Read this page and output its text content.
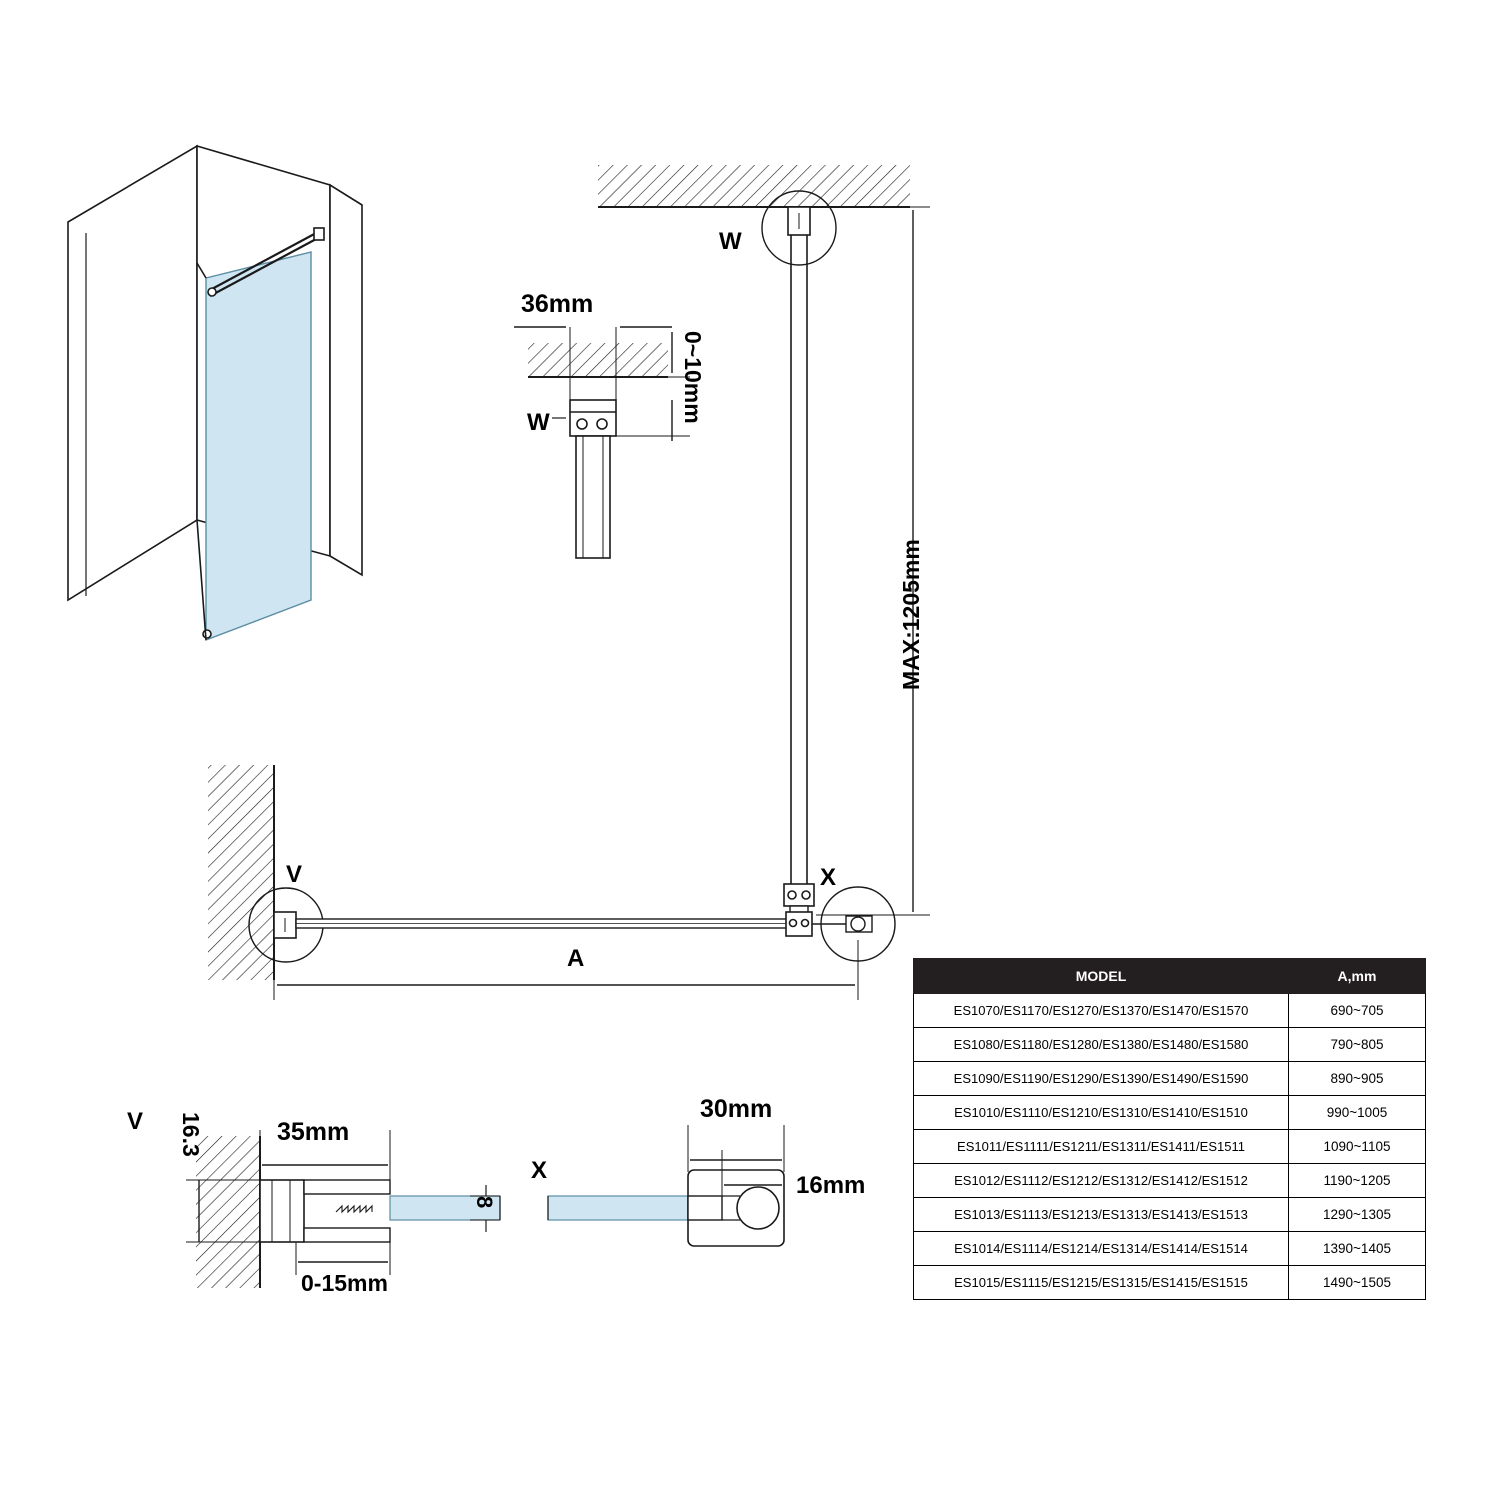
W
W
V	X
V
X
A
MAX:1205mm
36mm
0~10mm
35mm
16.3
0-15mm
8
30mm
16mm
MODEL	A,mm
ES1070/ES1170/ES1270/ES1370/ES1470/ES1570	690~705
ES1080/ES1180/ES1280/ES1380/ES1480/ES1580	790~805
ES1090/ES1190/ES1290/ES1390/ES1490/ES1590	890~905
ES1010/ES1110/ES1210/ES1310/ES1410/ES1510	990~1005
ES1011/ES1111/ES1211/ES1311/ES1411/ES1511	1090~1105
ES1012/ES1112/ES1212/ES1312/ES1412/ES1512	1190~1205
ES1013/ES1113/ES1213/ES1313/ES1413/ES1513	1290~1305
ES1014/ES1114/ES1214/ES1314/ES1414/ES1514	1390~1405
ES1015/ES1115/ES1215/ES1315/ES1415/ES1515	1490~1505
